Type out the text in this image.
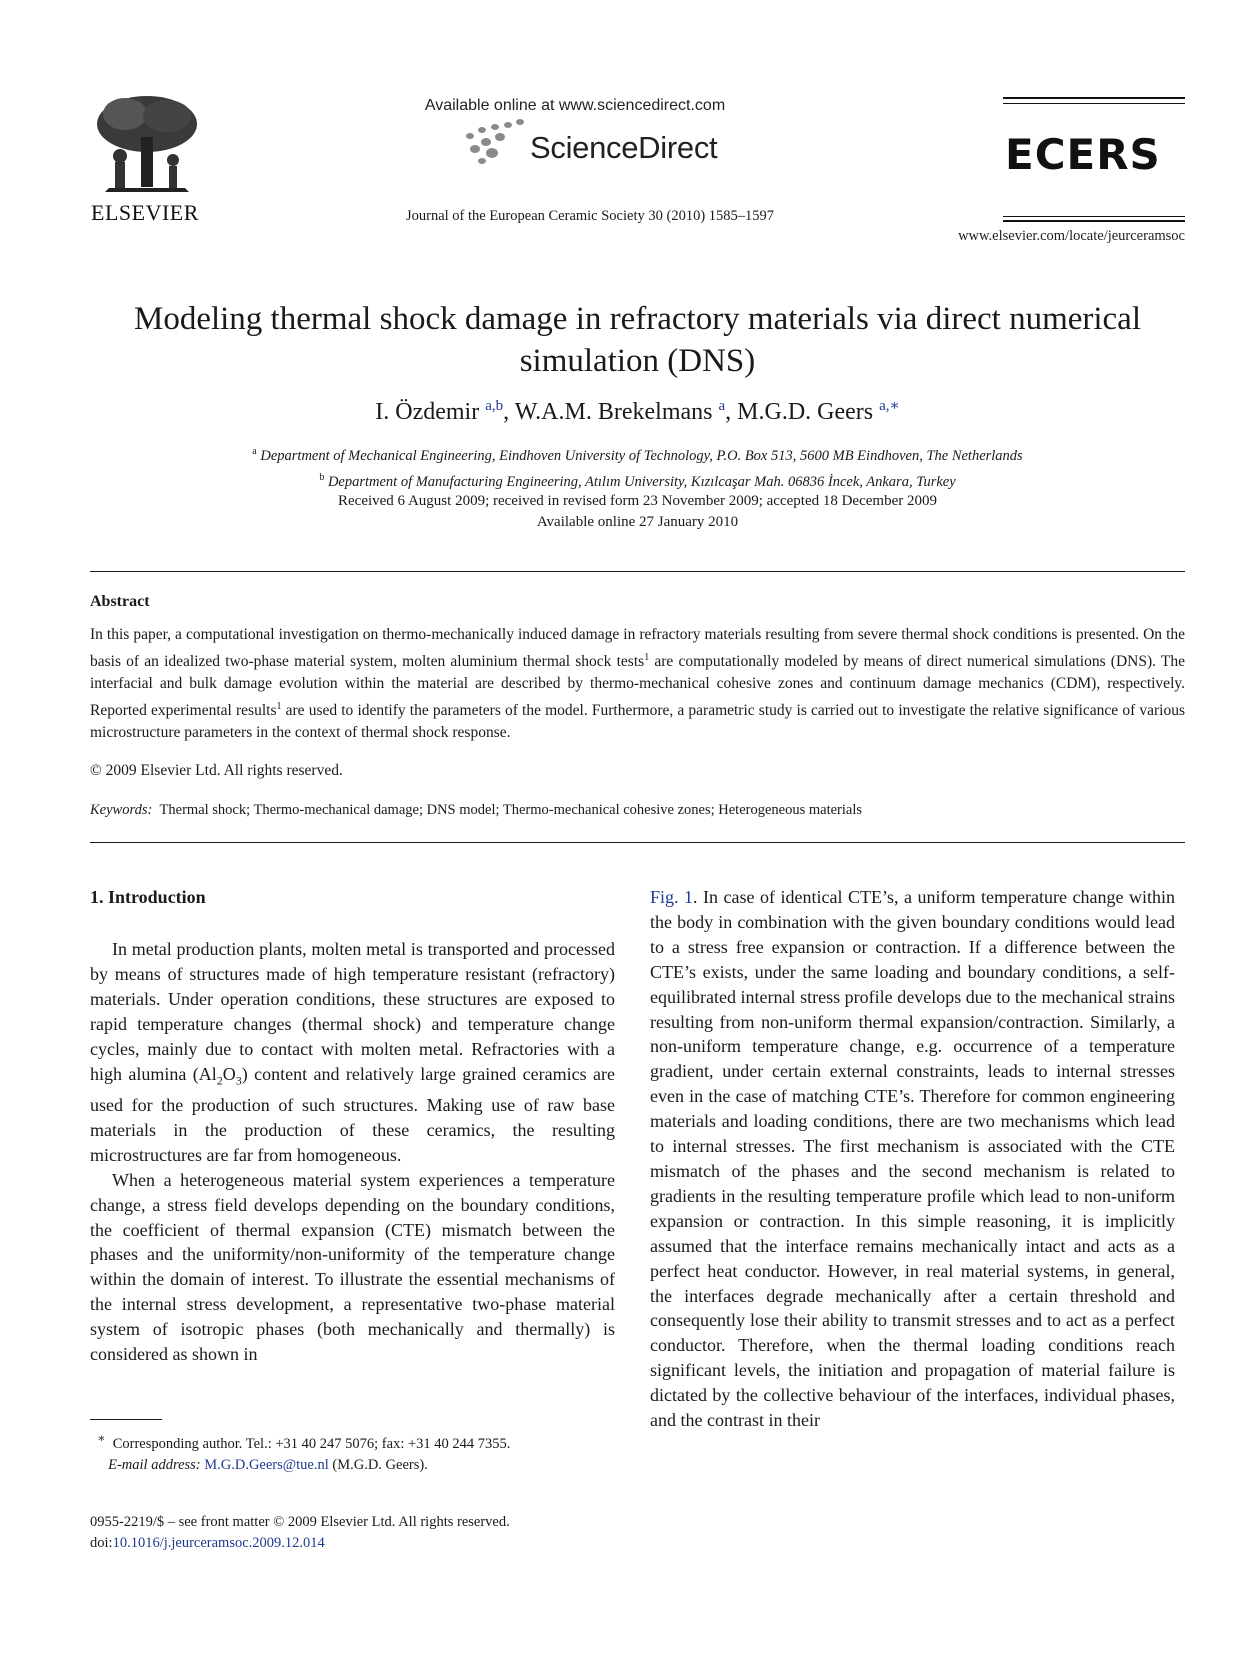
ELSEVIER
Available online at www.sciencedirect.com
ScienceDirect
Journal of the European Ceramic Society 30 (2010) 1585–1597
ECERS
www.elsevier.com/locate/jeurceramsoc
Modeling thermal shock damage in refractory materials via direct numerical simulation (DNS)
I. Özdemir $^{a,b}$, W.A.M. Brekelmans $^a$, M.G.D. Geers $^{a,∗}$
$^a$ Department of Mechanical Engineering, Eindhoven University of Technology, P.O. Box 513, 5600 MB Eindhoven, The Netherlands
$^b$ Department of Manufacturing Engineering, Atılım University, Kızılcaşar Mah. 06836 İncek, Ankara, Turkey
Received 6 August 2009; received in revised form 23 November 2009; accepted 18 December 2009
Available online 27 January 2010
Abstract
In this paper, a computational investigation on thermo-mechanically induced damage in refractory materials resulting from severe thermal shock conditions is presented. On the basis of an idealized two-phase material system, molten aluminium thermal shock tests$^1$ are computationally modeled by means of direct numerical simulations (DNS). The interfacial and bulk damage evolution within the material are described by thermo-mechanical cohesive zones and continuum damage mechanics (CDM), respectively. Reported experimental results$^1$ are used to identify the parameters of the model. Furthermore, a parametric study is carried out to investigate the relative significance of various microstructure parameters in the context of thermal shock response.
© 2009 Elsevier Ltd. All rights reserved.
Keywords: Thermal shock; Thermo-mechanical damage; DNS model; Thermo-mechanical cohesive zones; Heterogeneous materials
1. Introduction

In metal production plants, molten metal is transported and processed by means of structures made of high temperature resistant (refractory) materials. Under operation conditions, these structures are exposed to rapid temperature changes (thermal shock) and temperature change cycles, mainly due to contact with molten metal. Refractories with a high alumina $(Al_2O_3)$ content and relatively large grained ceramics are used for the production of such structures. Making use of raw base materials in the production of these ceramics, the resulting microstructures are far from homogeneous.

When a heterogeneous material system experiences a temperature change, a stress field develops depending on the boundary conditions, the coefficient of thermal expansion (CTE) mismatch between the phases and the uniformity/non-uniformity of the temperature change within the domain of interest. To illustrate the essential mechanisms of the internal stress development, a representative two-phase material system of isotropic phases (both mechanically and thermally) is considered as shown in

Fig. 1. In case of identical CTE’s, a uniform temperature change within the body in combination with the given boundary conditions would lead to a stress free expansion or contraction. If a difference between the CTE’s exists, under the same loading and boundary conditions, a self-equilibrated internal stress profile develops due to the mechanical strains resulting from non-uniform thermal expansion/contraction. Similarly, a non-uniform temperature change, e.g. occurrence of a temperature gradient, under certain external constraints, leads to internal stresses even in the case of matching CTE’s. Therefore for common engineering materials and loading conditions, there are two mechanisms which lead to internal stresses. The first mechanism is associated with the CTE mismatch of the phases and the second mechanism is related to gradients in the resulting temperature profile which lead to non-uniform expansion or contraction. In this simple reasoning, it is implicitly assumed that the interface remains mechanically intact and acts as a perfect heat conductor. However, in real material systems, in general, the interfaces degrade mechanically after a certain threshold and consequently lose their ability to transmit stresses and to act as a perfect conductor. Therefore, when the thermal loading conditions reach significant levels, the initiation and propagation of material failure is dictated by the collective behaviour of the interfaces, individual phases, and the contrast in their

∗ Corresponding author. Tel.: +31 40 247 5076; fax: +31 40 244 7355.
E-mail address: M.G.D.Geers@tue.nl (M.G.D. Geers).
0955-2219/$ – see front matter © 2009 Elsevier Ltd. All rights reserved.
doi:10.1016/j.jeurceramsoc.2009.12.014
